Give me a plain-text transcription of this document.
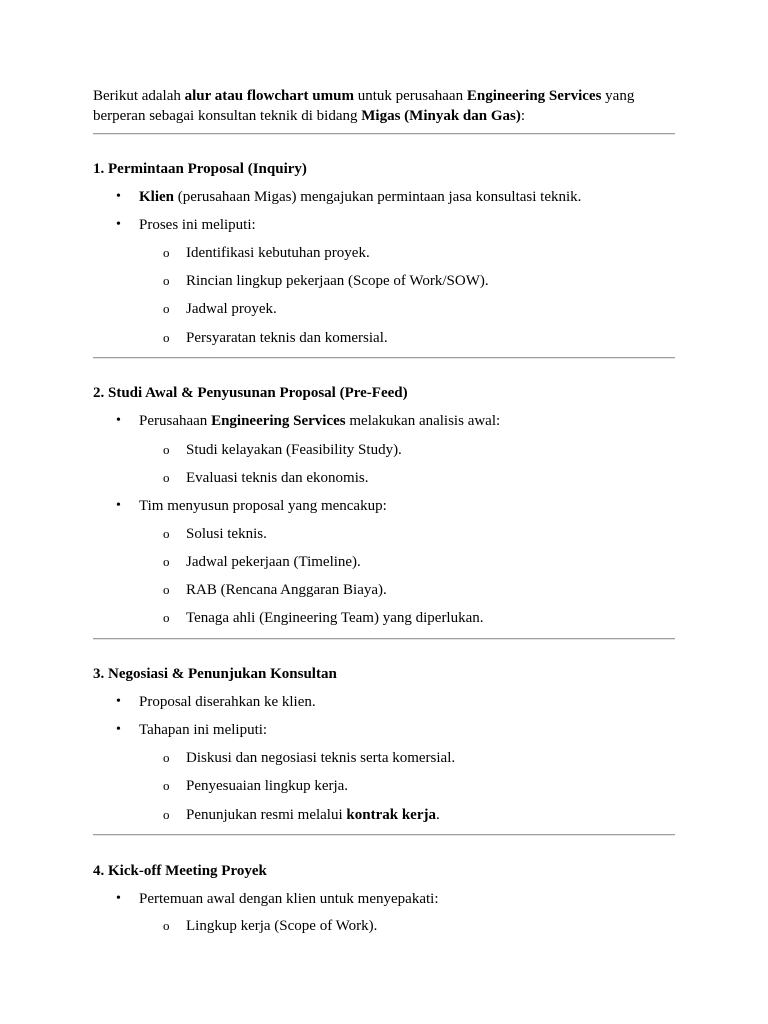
Berikut adalah alur atau flowchart umum untuk perusahaan Engineering Services yang berperan sebagai konsultan teknik di bidang Migas (Minyak dan Gas):

1. Permintaan Proposal (Inquiry)
• Klien (perusahaan Migas) mengajukan permintaan jasa konsultasi teknik.
• Proses ini meliputi:
o Identifikasi kebutuhan proyek.
o Rincian lingkup pekerjaan (Scope of Work/SOW).
o Jadwal proyek.
o Persyaratan teknis dan komersial.
2. Studi Awal & Penyusunan Proposal (Pre-Feed)
• Perusahaan Engineering Services melakukan analisis awal:
o Studi kelayakan (Feasibility Study).
o Evaluasi teknis dan ekonomis.
• Tim menyusun proposal yang mencakup:
o Solusi teknis.
o Jadwal pekerjaan (Timeline).
o RAB (Rencana Anggaran Biaya).
o Tenaga ahli (Engineering Team) yang diperlukan.
3. Negosiasi & Penunjukan Konsultan
• Proposal diserahkan ke klien.
• Tahapan ini meliputi:
o Diskusi dan negosiasi teknis serta komersial.
o Penyesuaian lingkup kerja.
o Penunjukan resmi melalui kontrak kerja.
4. Kick-off Meeting Proyek
• Pertemuan awal dengan klien untuk menyepakati:
o Lingkup kerja (Scope of Work).
